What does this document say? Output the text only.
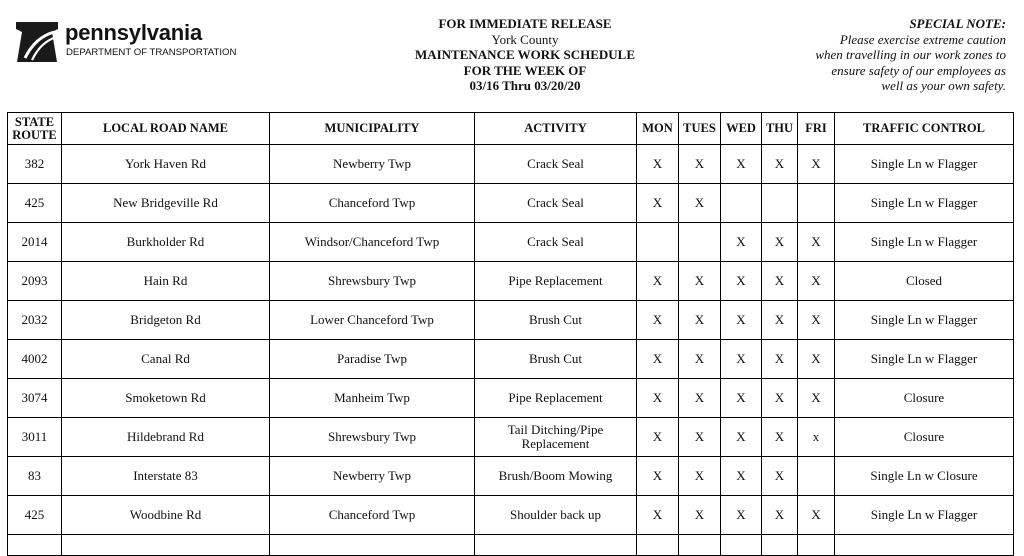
pennsylvania
DEPARTMENT OF TRANSPORTATION
FOR IMMEDIATE RELEASE
York County
MAINTENANCE WORK SCHEDULE
FOR THE WEEK OF
03/16 Thru 03/20/20
SPECIAL NOTE:
Please exercise extreme caution
when travelling in our work zones to
ensure safety of our employees as
well as your own safety.
STATE
ROUTE	LOCAL ROAD NAME	MUNICIPALITY	ACTIVITY	MON	TUES	WED	THU	FRI	TRAFFIC CONTROL
382	York Haven Rd	Newberry Twp	Crack Seal	X	X	X	X	X	Single Ln w Flagger
425	New Bridgeville Rd	Chanceford Twp	Crack Seal	X	X				Single Ln w Flagger
2014	Burkholder Rd	Windsor/Chanceford Twp	Crack Seal			X	X	X	Single Ln w Flagger
2093	Hain Rd	Shrewsbury Twp	Pipe Replacement	X	X	X	X	X	Closed
2032	Bridgeton Rd	Lower Chanceford Twp	Brush Cut	X	X	X	X	X	Single Ln w Flagger
4002	Canal Rd	Paradise Twp	Brush Cut	X	X	X	X	X	Single Ln w Flagger
3074	Smoketown Rd	Manheim Twp	Pipe Replacement	X	X	X	X	X	Closure
3011	Hildebrand Rd	Shrewsbury Twp	Tail Ditching/Pipe Replacement	X	X	X	X	x	Closure
83	Interstate 83	Newberry Twp	Brush/Boom Mowing	X	X	X	X		Single Ln w Closure
425	Woodbine Rd	Chanceford Twp	Shoulder back up	X	X	X	X	X	Single Ln w Flagger
